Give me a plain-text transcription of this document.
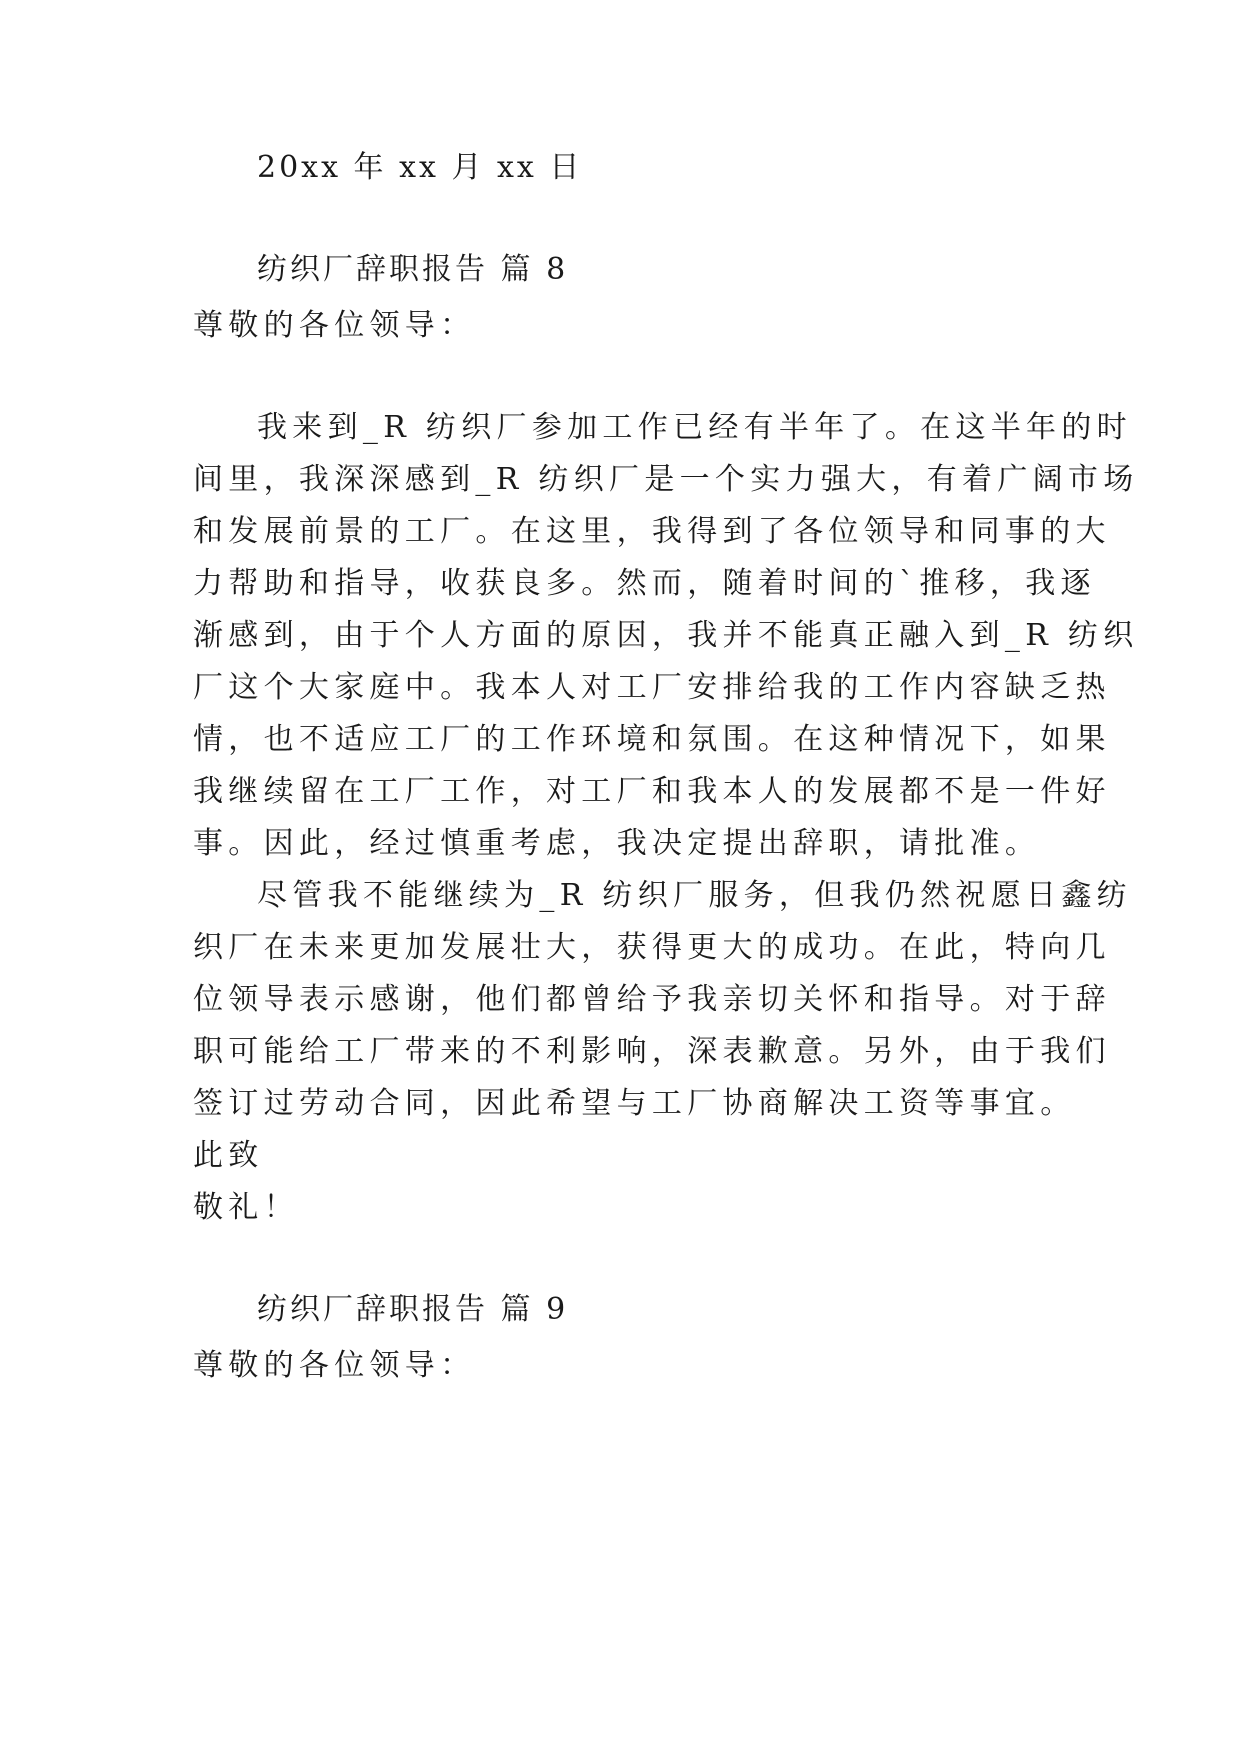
20xx 年 xx 月 xx 日
纺织厂辞职报告 篇 8
尊敬的各位领导：
我来到_R 纺织厂参加工作已经有半年了。在这半年的时
间里，我深深感到_R 纺织厂是一个实力强大，有着广阔市场
和发展前景的工厂。在这里，我得到了各位领导和同事的大
力帮助和指导，收获良多。然而，随着时间的`推移，我逐
渐感到，由于个人方面的原因，我并不能真正融入到_R 纺织
厂这个大家庭中。我本人对工厂安排给我的工作内容缺乏热
情，也不适应工厂的工作环境和氛围。在这种情况下，如果
我继续留在工厂工作，对工厂和我本人的发展都不是一件好
事。因此，经过慎重考虑，我决定提出辞职，请批准。
尽管我不能继续为_R 纺织厂服务，但我仍然祝愿日鑫纺
织厂在未来更加发展壮大，获得更大的成功。在此，特向几
位领导表示感谢，他们都曾给予我亲切关怀和指导。对于辞
职可能给工厂带来的不利影响，深表歉意。另外，由于我们
签订过劳动合同，因此希望与工厂协商解决工资等事宜。
此致
敬礼！
纺织厂辞职报告 篇 9
尊敬的各位领导：
